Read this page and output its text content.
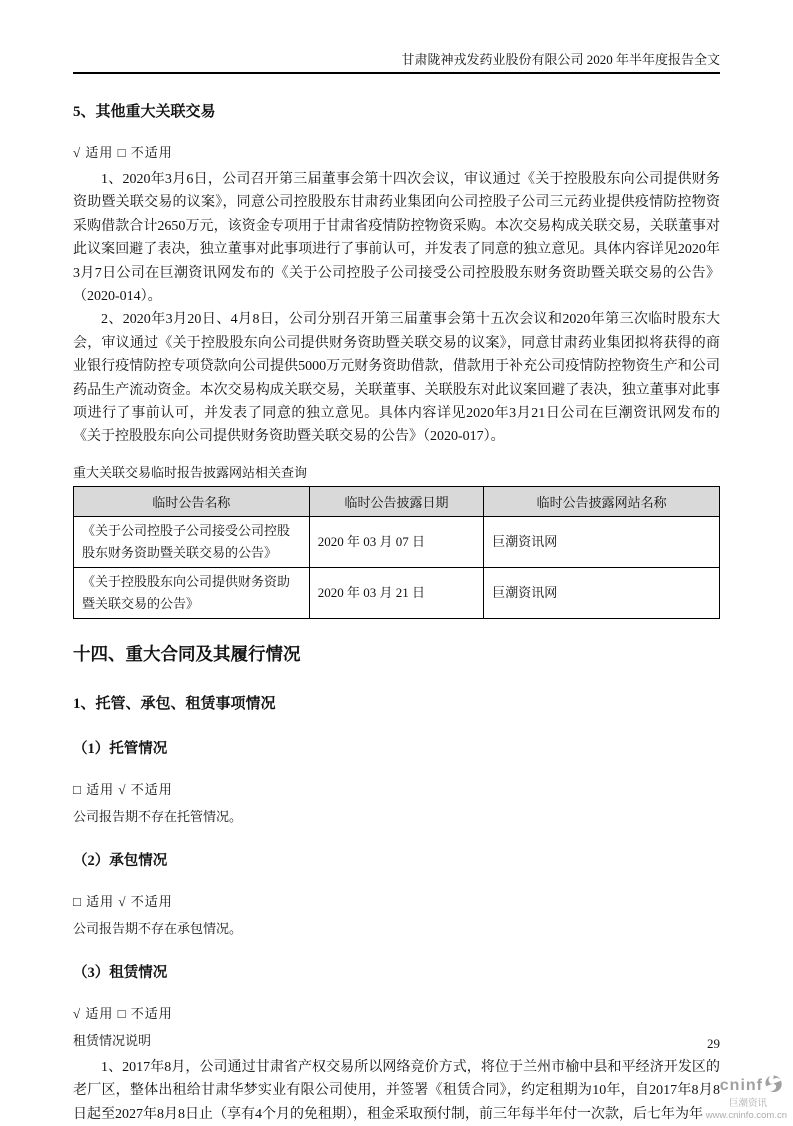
甘肃陇神戎发药业股份有限公司 2020 年半年度报告全文
5、其他重大关联交易
√ 适用 □ 不适用

1、2020年3月6日，公司召开第三届董事会第十四次会议，审议通过《关于控股股东向公司提供财务资助暨关联交易的议案》，同意公司控股股东甘肃药业集团向公司控股子公司三元药业提供疫情防控物资采购借款合计2650万元，该资金专项用于甘肃省疫情防控物资采购。本次交易构成关联交易，关联董事对此议案回避了表决，独立董事对此事项进行了事前认可，并发表了同意的独立意见。具体内容详见2020年3月7日公司在巨潮资讯网发布的《关于公司控股子公司接受公司控股股东财务资助暨关联交易的公告》（2020-014）。

2、2020年3月20日、4月8日，公司分别召开第三届董事会第十五次会议和2020年第三次临时股东大会，审议通过《关于控股股东向公司提供财务资助暨关联交易的议案》，同意甘肃药业集团拟将获得的商业银行疫情防控专项贷款向公司提供5000万元财务资助借款，借款用于补充公司疫情防控物资生产和公司药品生产流动资金。本次交易构成关联交易，关联董事、关联股东对此议案回避了表决，独立董事对此事项进行了事前认可，并发表了同意的独立意见。具体内容详见2020年3月21日公司在巨潮资讯网发布的《关于控股股东向公司提供财务资助暨关联交易的公告》（2020-017）。

重大关联交易临时报告披露网站相关查询
临时公告名称	临时公告披露日期	临时公告披露网站名称
《关于公司控股子公司接受公司控股股东财务资助暨关联交易的公告》	2020 年 03 月 07 日	巨潮资讯网
《关于控股股东向公司提供财务资助暨关联交易的公告》	2020 年 03 月 21 日	巨潮资讯网
十四、重大合同及其履行情况
1、托管、承包、租赁事项情况
（1）托管情况
□ 适用 √ 不适用
公司报告期不存在托管情况。
（2）承包情况
□ 适用 √ 不适用
公司报告期不存在承包情况。
（3）租赁情况
√ 适用 □ 不适用
租赁情况说明

1、2017年8月，公司通过甘肃省产权交易所以网络竞价方式，将位于兰州市榆中县和平经济开发区的老厂区，整体出租给甘肃华梦实业有限公司使用，并签署《租赁合同》，约定租期为10年，自2017年8月8日起至2027年8月8日止（享有4个月的免租期），租金采取预付制，前三年每半年付一次款，后七年为年

29
cninf
巨潮资讯
www.cninfo.com.cn
